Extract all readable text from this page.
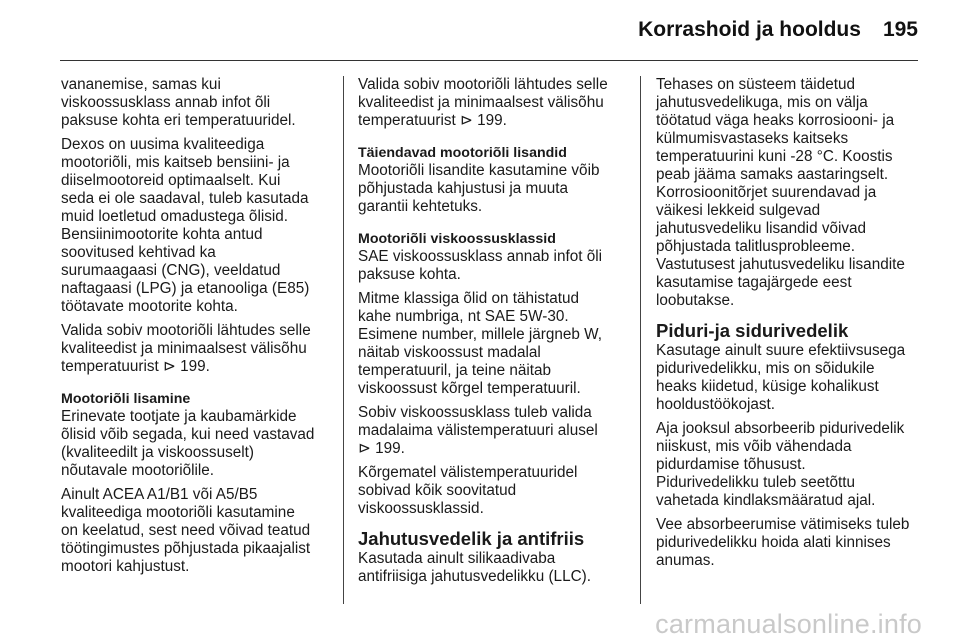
Korrashoid ja hooldus 195

vananemise, samas kui
viskoossusklass annab infot õli
paksuse kohta eri temperatuuridel.

Dexos on uusima kvaliteediga
mootoriõli, mis kaitseb bensiini- ja
diiselmootoreid optimaalselt. Kui
seda ei ole saadaval, tuleb kasutada
muid loetletud omadustega õlisid.
Bensiinimootorite kohta antud
soovitused kehtivad ka
surumaagaasi (CNG), veeldatud
naftagaasi (LPG) ja etanooliga (E85)
töötavate mootorite kohta.

Valida sobiv mootoriõli lähtudes selle
kvaliteedist ja minimaalsest välisõhu
temperatuurist ⊳ 199.

Mootoriõli lisamine

Erinevate tootjate ja kaubamärkide
õlisid võib segada, kui need vastavad
(kvaliteedilt ja viskoossuselt)
nõutavale mootoriõlile.

Ainult ACEA A1/B1 või A5/B5
kvaliteediga mootoriõli kasutamine
on keelatud, sest need võivad teatud
töötingimustes põhjustada pikaajalist
mootori kahjustust.

Valida sobiv mootoriõli lähtudes selle
kvaliteedist ja minimaalsest välisõhu
temperatuurist ⊳ 199.

Täiendavad mootoriõli lisandid

Mootoriõli lisandite kasutamine võib
põhjustada kahjustusi ja muuta
garantii kehtetuks.

Mootoriõli viskoossusklassid

SAE viskoossusklass annab infot õli
paksuse kohta.

Mitme klassiga õlid on tähistatud
kahe numbriga, nt SAE 5W-30.
Esimene number, millele järgneb W,
näitab viskoossust madalal
temperatuuril, ja teine näitab
viskoossust kõrgel temperatuuril.

Sobiv viskoossusklass tuleb valida
madalaima välistemperatuuri alusel
⊳ 199.

Kõrgematel välistemperatuuridel
sobivad kõik soovitatud
viskoossusklassid.

Jahutusvedelik ja antifriis

Kasutada ainult silikaadivaba
antifriisiga jahutusvedelikku (LLC).

Tehases on süsteem täidetud
jahutusvedelikuga, mis on välja
töötatud väga heaks korrosiooni- ja
külmumisvastaseks kaitseks
temperatuurini kuni -28 °C. Koostis
peab jääma samaks aastaringselt.
Korrosioonitõrjet suurendavad ja
väikesi lekkeid sulgevad
jahutusvedeliku lisandid võivad
põhjustada talitlusprobleeme.
Vastutusest jahutusvedeliku lisandite
kasutamise tagajärgede eest
loobutakse.

Piduri-ja sidurivedelik

Kasutage ainult suure efektiivsusega
pidurivedelikku, mis on sõidukile
heaks kiidetud, küsige kohalikust
hooldustöökojast.

Aja jooksul absorbeerib pidurivedelik
niiskust, mis võib vähendada
pidurdamise tõhusust.
Pidurivedelikku tuleb seetõttu
vahetada kindlaksmääratud ajal.

Vee absorbeerumise vätimiseks tuleb
pidurivedelikku hoida alati kinnises
anumas.

carmanualsonline.info
